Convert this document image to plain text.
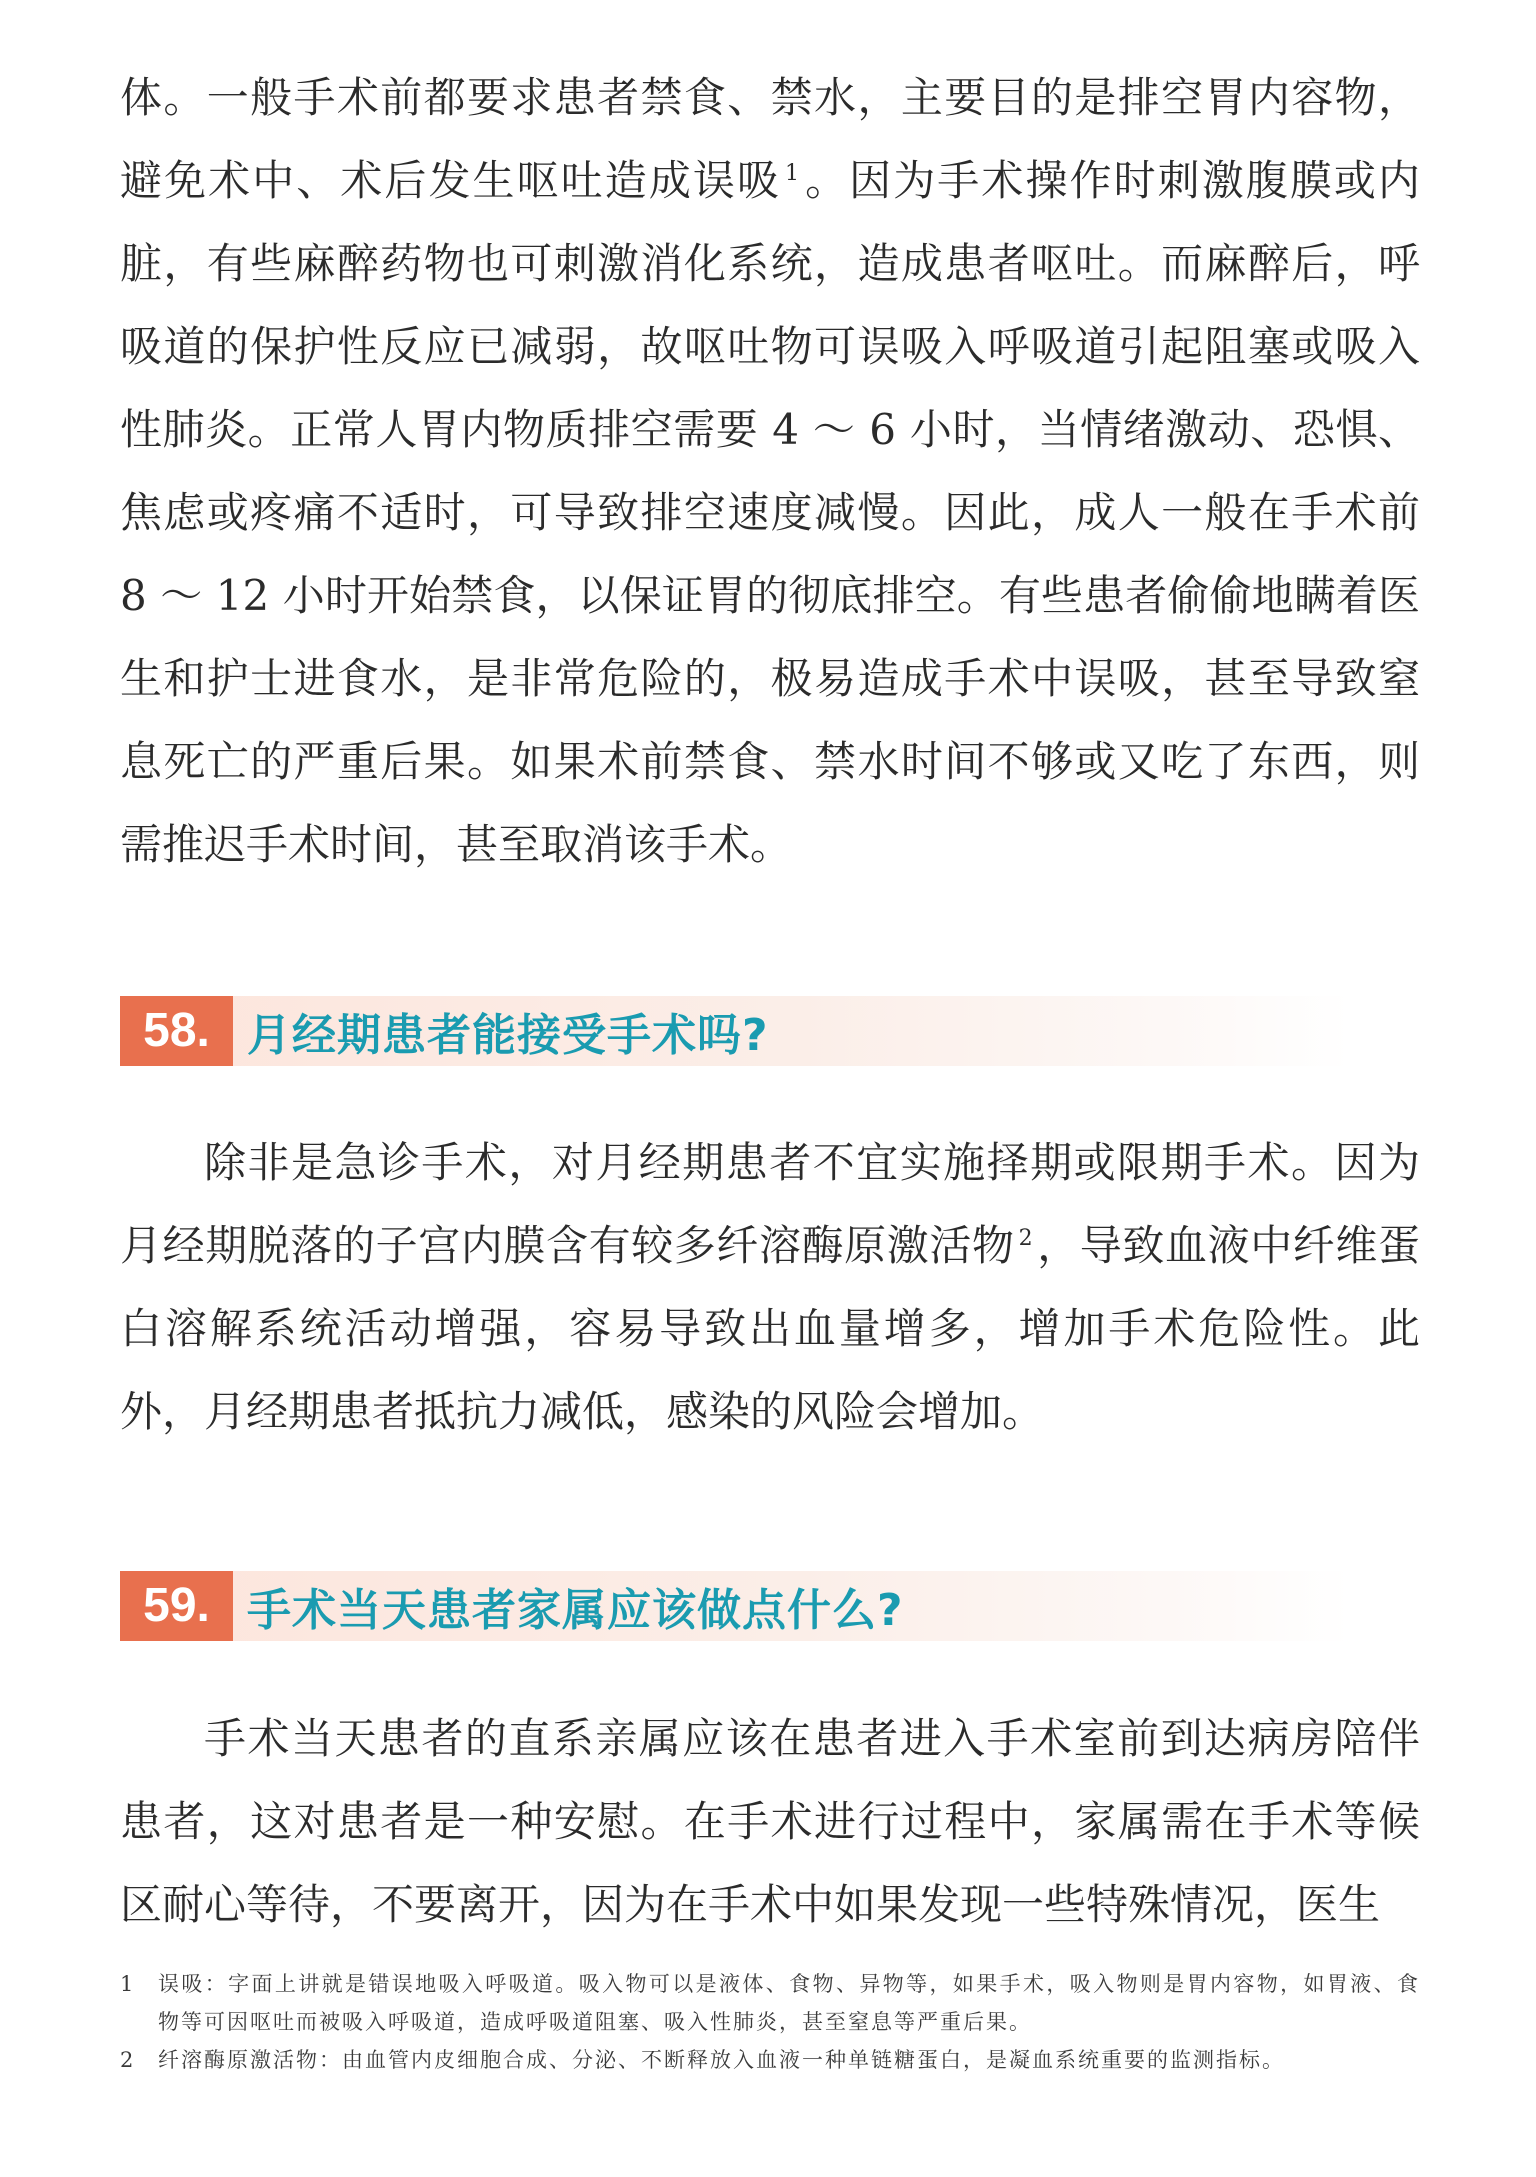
体。一般手术前都要求患者禁食、禁水，主要目的是排空胃内容物，避免术中、术后发生呕吐造成误吸 $^1$。因为手术操作时刺激腹膜或内脏，有些麻醉药物也可刺激消化系统，造成患者呕吐。而麻醉后，呼吸道的保护性反应已减弱，故呕吐物可误吸入呼吸道引起阻塞或吸入性肺炎。正常人胃内物质排空需要 4 ～ 6 小时，当情绪激动、恐惧、焦虑或疼痛不适时，可导致排空速度减慢。因此，成人一般在手术前 8 ～ 12 小时开始禁食，以保证胃的彻底排空。有些患者偷偷地瞒着医生和护士进食水，是非常危险的，极易造成手术中误吸，甚至导致窒息死亡的严重后果。如果术前禁食、禁水时间不够或又吃了东西，则需推迟手术时间，甚至取消该手术。

58. 月经期患者能接受手术吗?

除非是急诊手术，对月经期患者不宜实施择期或限期手术。因为月经期脱落的子宫内膜含有较多纤溶酶原激活物 $^2$，导致血液中纤维蛋白溶解系统活动增强，容易导致出血量增多，增加手术危险性。此外，月经期患者抵抗力减低，感染的风险会增加。

59. 手术当天患者家属应该做点什么?

手术当天患者的直系亲属应该在患者进入手术室前到达病房陪伴患者，这对患者是一种安慰。在手术进行过程中，家属需在手术等候区耐心等待，不要离开，因为在手术中如果发现一些特殊情况，医生

1	误吸：字面上讲就是错误地吸入呼吸道。吸入物可以是液体、食物、异物等，如果手术，吸入物则是胃内容物，如胃液、食物等可因呕吐而被吸入呼吸道，造成呼吸道阻塞、吸入性肺炎，甚至窒息等严重后果。
2	纤溶酶原激活物：由血管内皮细胞合成、分泌、不断释放入血液一种单链糖蛋白，是凝血系统重要的监测指标。
